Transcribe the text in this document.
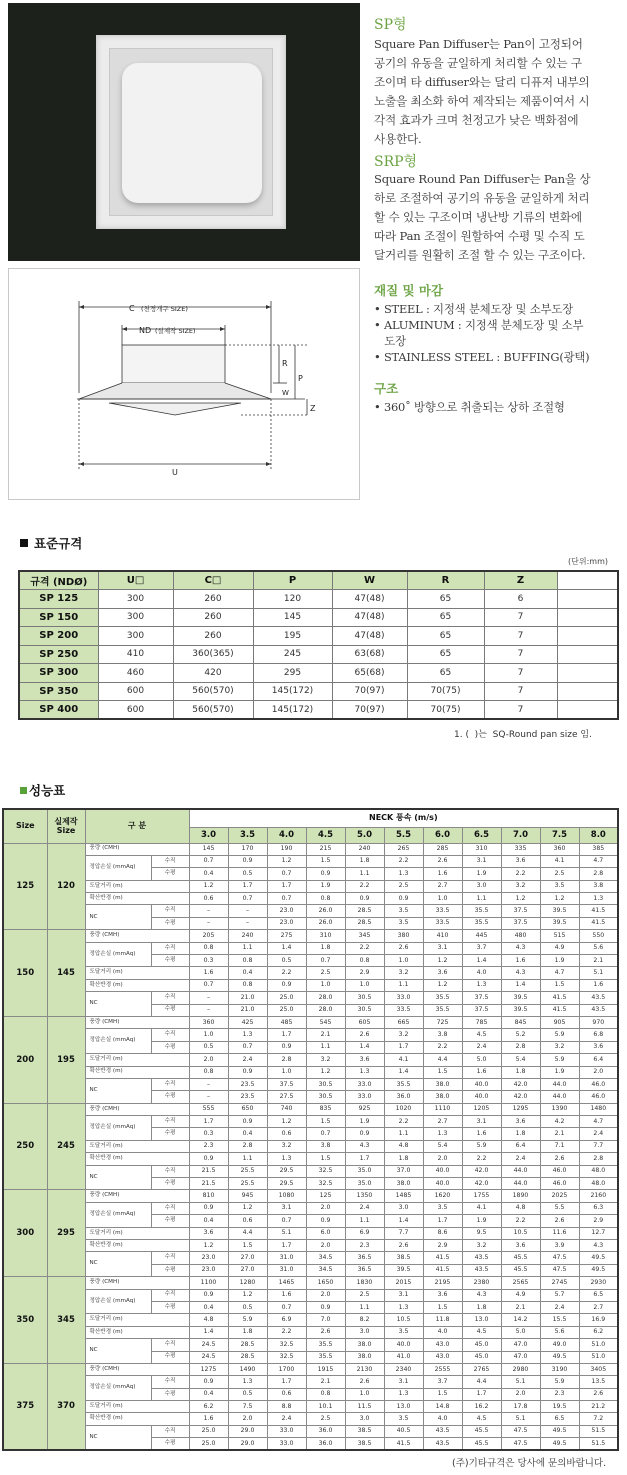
SP형
Square Pan Diffuser는 Pan이 고정되어
공기의 유동을 균일하게 처리할 수 있는 구
조이며 타 diffuser와는 달리 디퓨저 내부의
노출을 최소화 하여 제작되는 제품이여서 시
각적 효과가 크며 천정고가 낮은 백화점에
사용한다.
SRP형
Square Round Pan Diffuser는 Pan을 상
하로 조절하여 공기의 유동을 균일하게 처리
할 수 있는 구조이며 냉난방 기류의 변화에
따라 Pan 조절이 원할하여 수평 및 수직 도
달거리를 원활히 조절 할 수 있는 구조이다.
C (천정개구 SIZE)
ND (실제작 SIZE)
U
R
P
W
Z
재질 및 마감
• STEEL : 지정색 분체도장 및 소부도장
• ALUMINUM : 지정색 분체도장 및 소부
도장
• STAINLESS STEEL : BUFFING(광택)
구조
• 360˚ 방향으로 취출되는 상하 조절형
표준규격
(단위:mm)
규격 (NDØ)	U□	C□	P	W	R	Z	
SP 125	300	260	120	47(48)	65	6	
SP 150	300	260	145	47(48)	65	7	
SP 200	300	260	195	47(48)	65	7	
SP 250	410	360(365)	245	63(68)	65	7	
SP 300	460	420	295	65(68)	65	7	
SP 350	600	560(570)	145(172)	70(97)	70(75)	7	
SP 400	600	560(570)	145(172)	70(97)	70(75)	7	
1. (  )는  SQ-Round pan size 임.
성능표
Size	실제작 Size	구 분		NECK 풍속 (m/s)										
				3.0	3.5	4.0	4.5	5.0	5.5	6.0	6.5	7.0	7.5	8.0
125	120	풍량 (CMH)		145	170	190	215	240	265	285	310	335	360	385
		정압손실 (mmAq)	수직	0.7	0.9	1.2	1.5	1.8	2.2	2.6	3.1	3.6	4.1	4.7
			수평	0.4	0.5	0.7	0.9	1.1	1.3	1.6	1.9	2.2	2.5	2.8
		도달거리 (m)		1.2	1.7	1.7	1.9	2.2	2.5	2.7	3.0	3.2	3.5	3.8
		확산반경 (m)		0.6	0.7	0.7	0.8	0.9	0.9	1.0	1.1	1.2	1.2	1.3
		NC	수직	–	–	23.0	26.0	28.5	3.5	33.5	35.5	37.5	39.5	41.5
			수평	–	–	23.0	26.0	28.5	3.5	33.5	35.5	37.5	39.5	41.5
150	145	풍량 (CMH)		205	240	275	310	345	380	410	445	480	515	550
		정압손실 (mmAq)	수직	0.8	1.1	1.4	1.8	2.2	2.6	3.1	3.7	4.3	4.9	5.6
			수평	0.3	0.8	0.5	0.7	0.8	1.0	1.2	1.4	1.6	1.9	2.1
		도달거리 (m)		1.6	0.4	2.2	2.5	2.9	3.2	3.6	4.0	4.3	4.7	5.1
		확산반경 (m)		0.7	0.8	0.9	1.0	1.0	1.1	1.2	1.3	1.4	1.5	1.6
		NC	수직	–	21.0	25.0	28.0	30.5	33.0	35.5	37.5	39.5	41.5	43.5
			수평	–	21.0	25.0	28.0	30.5	33.5	35.5	37.5	39.5	41.5	43.5
200	195	풍량 (CMH)		360	425	485	545	605	665	725	785	845	905	970
		정압손실 (mmAq)	수직	1.0	1.3	1.7	2.1	2.6	3.2	3.8	4.5	5.2	5.9	6.8
			수평	0.5	0.7	0.9	1.1	1.4	1.7	2.2	2.4	2.8	3.2	3.6
		도달거리 (m)		2.0	2.4	2.8	3.2	3.6	4.1	4.4	5.0	5.4	5.9	6.4
		확산반경 (m)		0.8	0.9	1.0	1.2	1.3	1.4	1.5	1.6	1.8	1.9	2.0
		NC	수직	–	23.5	37.5	30.5	33.0	35.5	38.0	40.0	42.0	44.0	46.0
			수평	–	23.5	27.5	30.5	33.0	36.0	38.0	40.0	42.0	44.0	46.0
250	245	풍량 (CMH)		555	650	740	835	925	1020	1110	1205	1295	1390	1480
		정압손실 (mmAq)	수직	1.7	0.9	1.2	1.5	1.9	2.2	2.7	3.1	3.6	4.2	4.7
			수평	0.3	0.4	0.6	0.7	0.9	1.1	1.3	1.6	1.8	2.1	2.4
		도달거리 (m)		2.3	2.8	3.2	3.8	4.3	4.8	5.4	5.9	6.4	7.1	7.7
		확산반경 (m)		0.9	1.1	1.3	1.5	1.7	1.8	2.0	2.2	2.4	2.6	2.8
		NC	수직	21.5	25.5	29.5	32.5	35.0	37.0	40.0	42.0	44.0	46.0	48.0
			수평	21.5	25.5	29.5	32.5	35.0	38.0	40.0	42.0	44.0	46.0	48.0
300	295	풍량 (CMH)		810	945	1080	125	1350	1485	1620	1755	1890	2025	2160
		정압손실 (mmAq)	수직	0.9	1.2	3.1	2.0	2.4	3.0	3.5	4.1	4.8	5.5	6.3
			수평	0.4	0.6	0.7	0.9	1.1	1.4	1.7	1.9	2.2	2.6	2.9
		도달거리 (m)		3.6	4.4	5.1	6.0	6.9	7.7	8.6	9.5	10.5	11.6	12.7
		확산반경 (m)		1.2	1.5	1.7	2.0	2.3	2.6	2.9	3.2	3.6	3.9	4.3
		NC	수직	23.0	27.0	31.0	34.5	36.5	38.5	41.5	43.5	45.5	47.5	49.5
			수평	23.0	27.0	31.0	34.5	36.5	39.5	41.5	43.5	45.5	47.5	49.5
350	345	풍량 (CMH)		1100	1280	1465	1650	1830	2015	2195	2380	2565	2745	2930
		정압손실 (mmAq)	수직	0.9	1.2	1.6	2.0	2.5	3.1	3.6	4.3	4.9	5.7	6.5
			수평	0.4	0.5	0.7	0.9	1.1	1.3	1.5	1.8	2.1	2.4	2.7
		도달거리 (m)		4.8	5.9	6.9	7.0	8.2	10.5	11.8	13.0	14.2	15.5	16.9
		확산반경 (m)		1.4	1.8	2.2	2.6	3.0	3.5	4.0	4.5	5.0	5.6	6.2
		NC	수직	24.5	28.5	32.5	35.5	38.0	40.0	43.0	45.0	47.0	49.0	51.0
			수평	24.5	28.5	32.5	35.5	38.0	41.0	43.0	45.0	47.0	49.5	51.0
375	370	풍량 (CMH)		1275	1490	1700	1915	2130	2340	2555	2765	2980	3190	3405
		정압손실 (mmAq)	수직	0.9	1.3	1.7	2.1	2.6	3.1	3.7	4.4	5.1	5.9	13.5
			수평	0.4	0.5	0.6	0.8	1.0	1.3	1.5	1.7	2.0	2.3	2.6
		도달거리 (m)		6.2	7.5	8.8	10.1	11.5	13.0	14.8	16.2	17.8	19.5	21.2
		확산반경 (m)		1.6	2.0	2.4	2.5	3.0	3.5	4.0	4.5	5.1	6.5	7.2
		NC	수직	25.0	29.0	33.0	36.0	38.5	40.5	43.5	45.5	47.5	49.5	51.5
			수평	25.0	29.0	33.0	36.0	38.5	41.5	43.5	45.5	47.5	49.5	51.5
(주)기타규격은 당사에 문의바랍니다.
